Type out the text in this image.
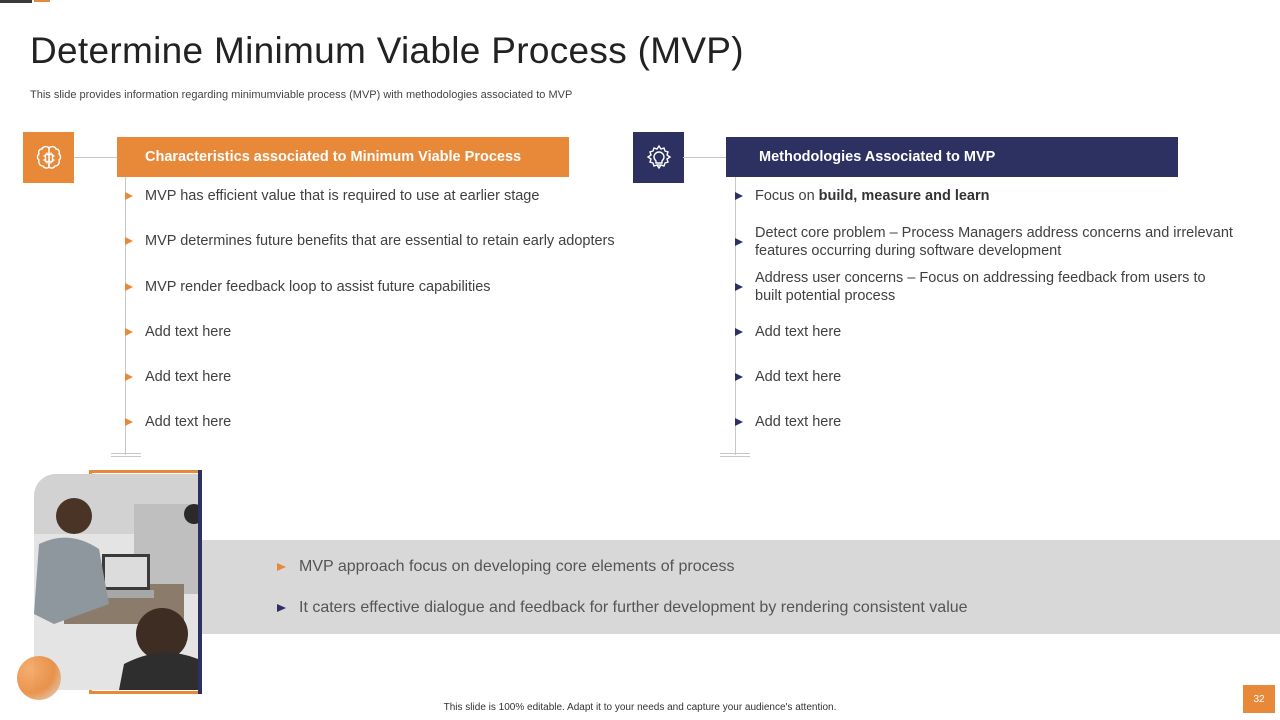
Determine Minimum Viable Process (MVP)

This slide provides information regarding minimumviable process (MVP) with methodologies associated to MVP

Characteristics associated to Minimum Viable Process
MVP has efficient value that is required to use at earlier stage
MVP determines future benefits that are essential to retain early adopters
MVP render feedback loop to assist future capabilities
Add text here
Add text here
Add text here
Methodologies Associated to MVP
Focus on build, measure and learn
Detect core problem – Process Managers address concerns and irrelevant
features occurring during software development
Address user concerns – Focus on addressing feedback from users to
built potential process
Add text here
Add text here
Add text here
MVP approach focus on developing core elements of process
It caters effective dialogue and feedback for further development by rendering consistent value
This slide is 100% editable. Adapt it to your needs and capture your audience's attention.
32
